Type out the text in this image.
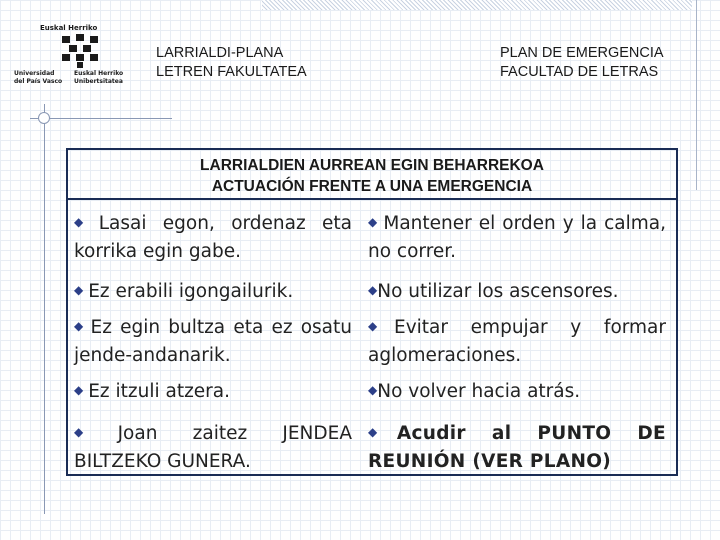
Euskal Herriko
Universidad
del País Vasco
Euskal Herriko
Unibertsitatea
LARRIALDI-PLANA
LETREN FAKULTATEA
PLAN DE EMERGENCIA
FACULTAD DE LETRAS
LARRIALDIEN AURREAN EGIN BEHARREKOA
ACTUACIÓN FRENTE A UNA EMERGENCIA
◆ Lasai egon, ordenaz eta korrika egin gabe.
◆ Ez erabili igongailurik.
◆ Ez egin bultza eta ez osatu jende-andanarik.
◆ Ez itzuli atzera.
◆ Joan zaitez JENDEA BILTZEKO GUNERA.
◆ Mantener el orden y la calma, no correr.
◆No utilizar los ascensores.
◆Evitar empujar y formar aglomeraciones.
◆No volver hacia atrás.
◆Acudir al PUNTO DE REUNIÓN (VER PLANO)
